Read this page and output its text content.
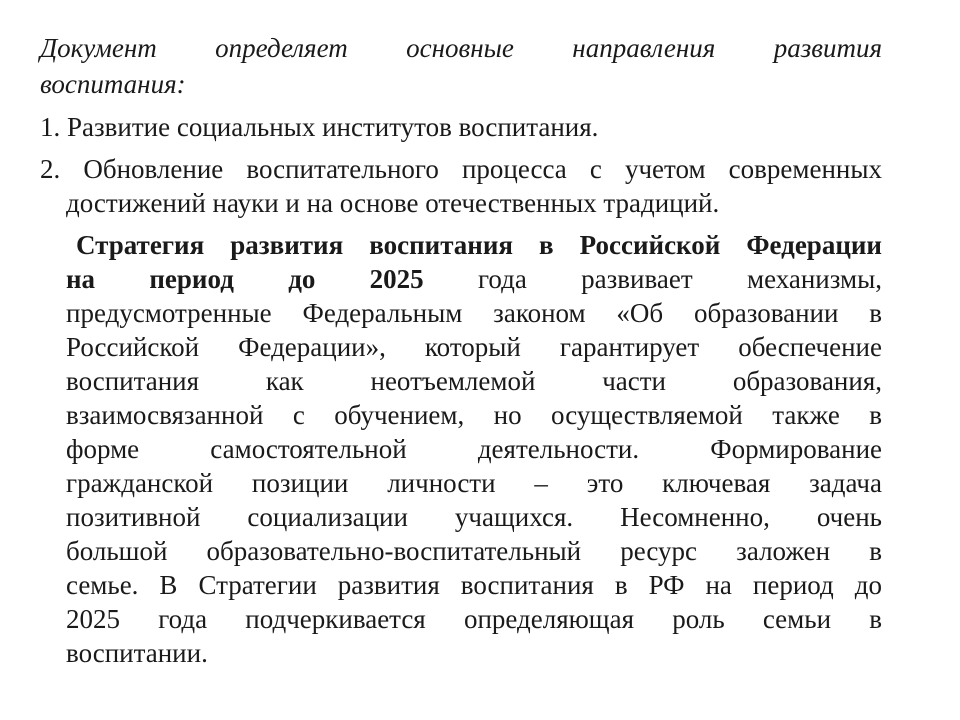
Документ определяет основные направления развития
воспитания:
1. Развитие социальных институтов воспитания.
2. Обновление воспитательного процесса с учетом современных
достижений науки и на основе отечественных традиций.
Стратегия развития воспитания в Российской Федерации
на период до 2025 года развивает механизмы,
предусмотренные Федеральным законом «Об образовании в
Российской Федерации», который гарантирует обеспечение
воспитания как неотъемлемой части образования,
взаимосвязанной с обучением, но осуществляемой также в
форме самостоятельной деятельности. Формирование
гражданской позиции личности – это ключевая задача
позитивной социализации учащихся. Несомненно, очень
большой образовательно-воспитательный ресурс заложен в
семье. В Стратегии развития воспитания в РФ на период до
2025 года подчеркивается определяющая роль семьи в
воспитании.
